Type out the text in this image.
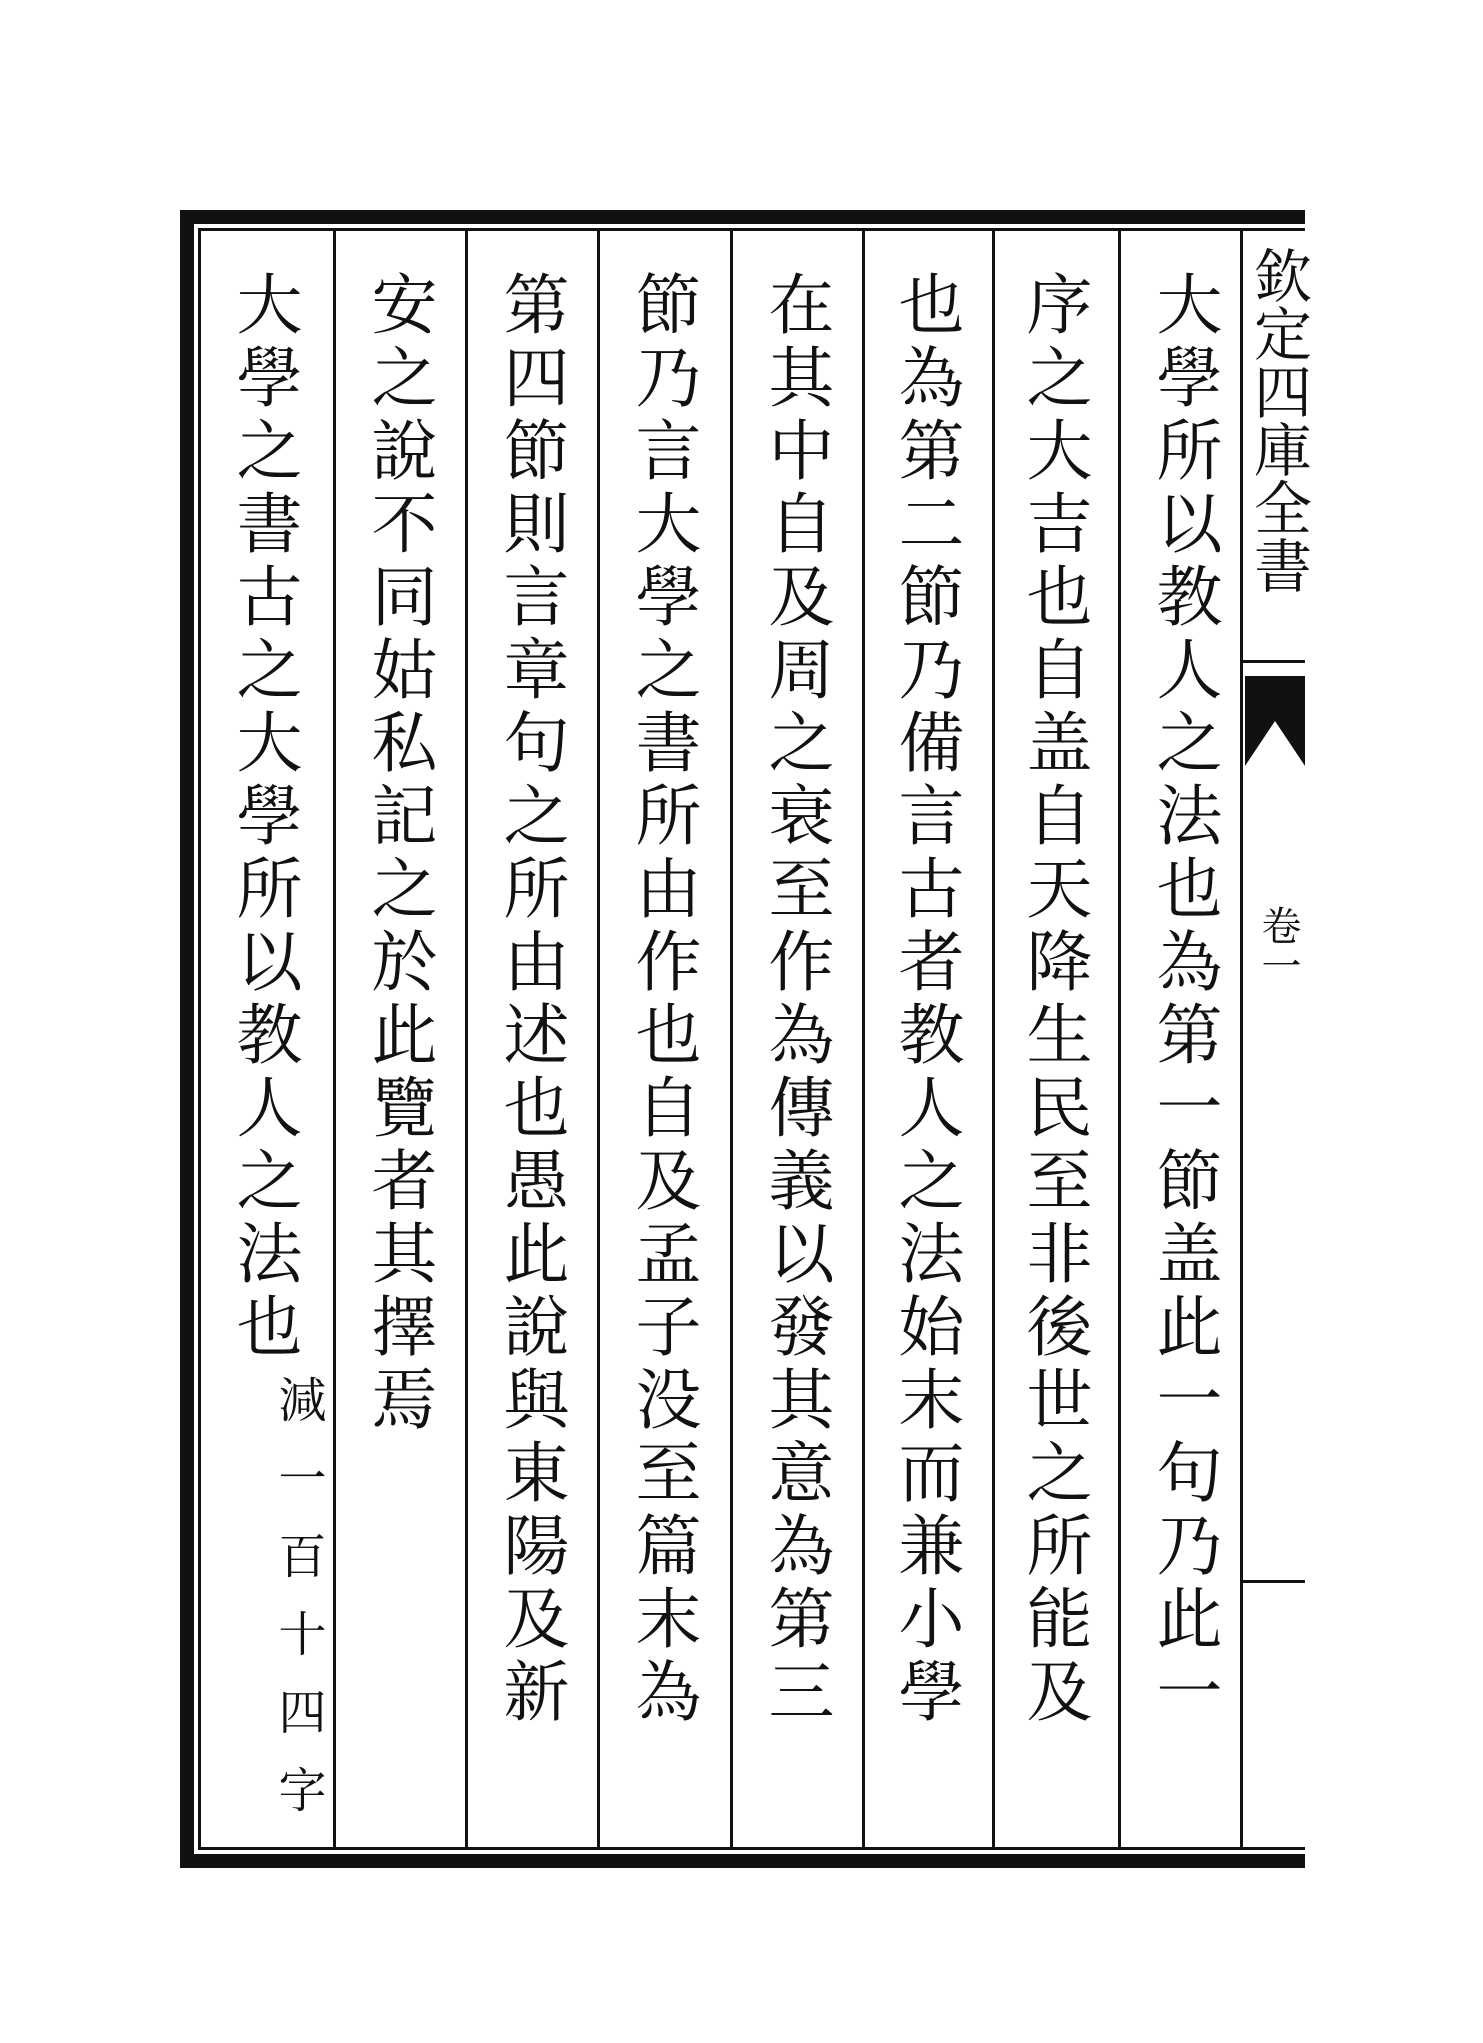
欽定四庫全書
卷一
大學所以教人之法也為第一節盖此一句乃此一
序之大吉也自盖自天降生民至非後世之所能及
也為第二節乃備言古者教人之法始末而兼小學
在其中自及周之衰至作為傳義以發其意為第三
節乃言大學之書所由作也自及孟子没至篇末為
第四節則言章句之所由述也愚此說與東陽及新
安之說不同姑私記之於此覽者其擇焉
大學之書古之大學所以教人之法也
減一百十四字
